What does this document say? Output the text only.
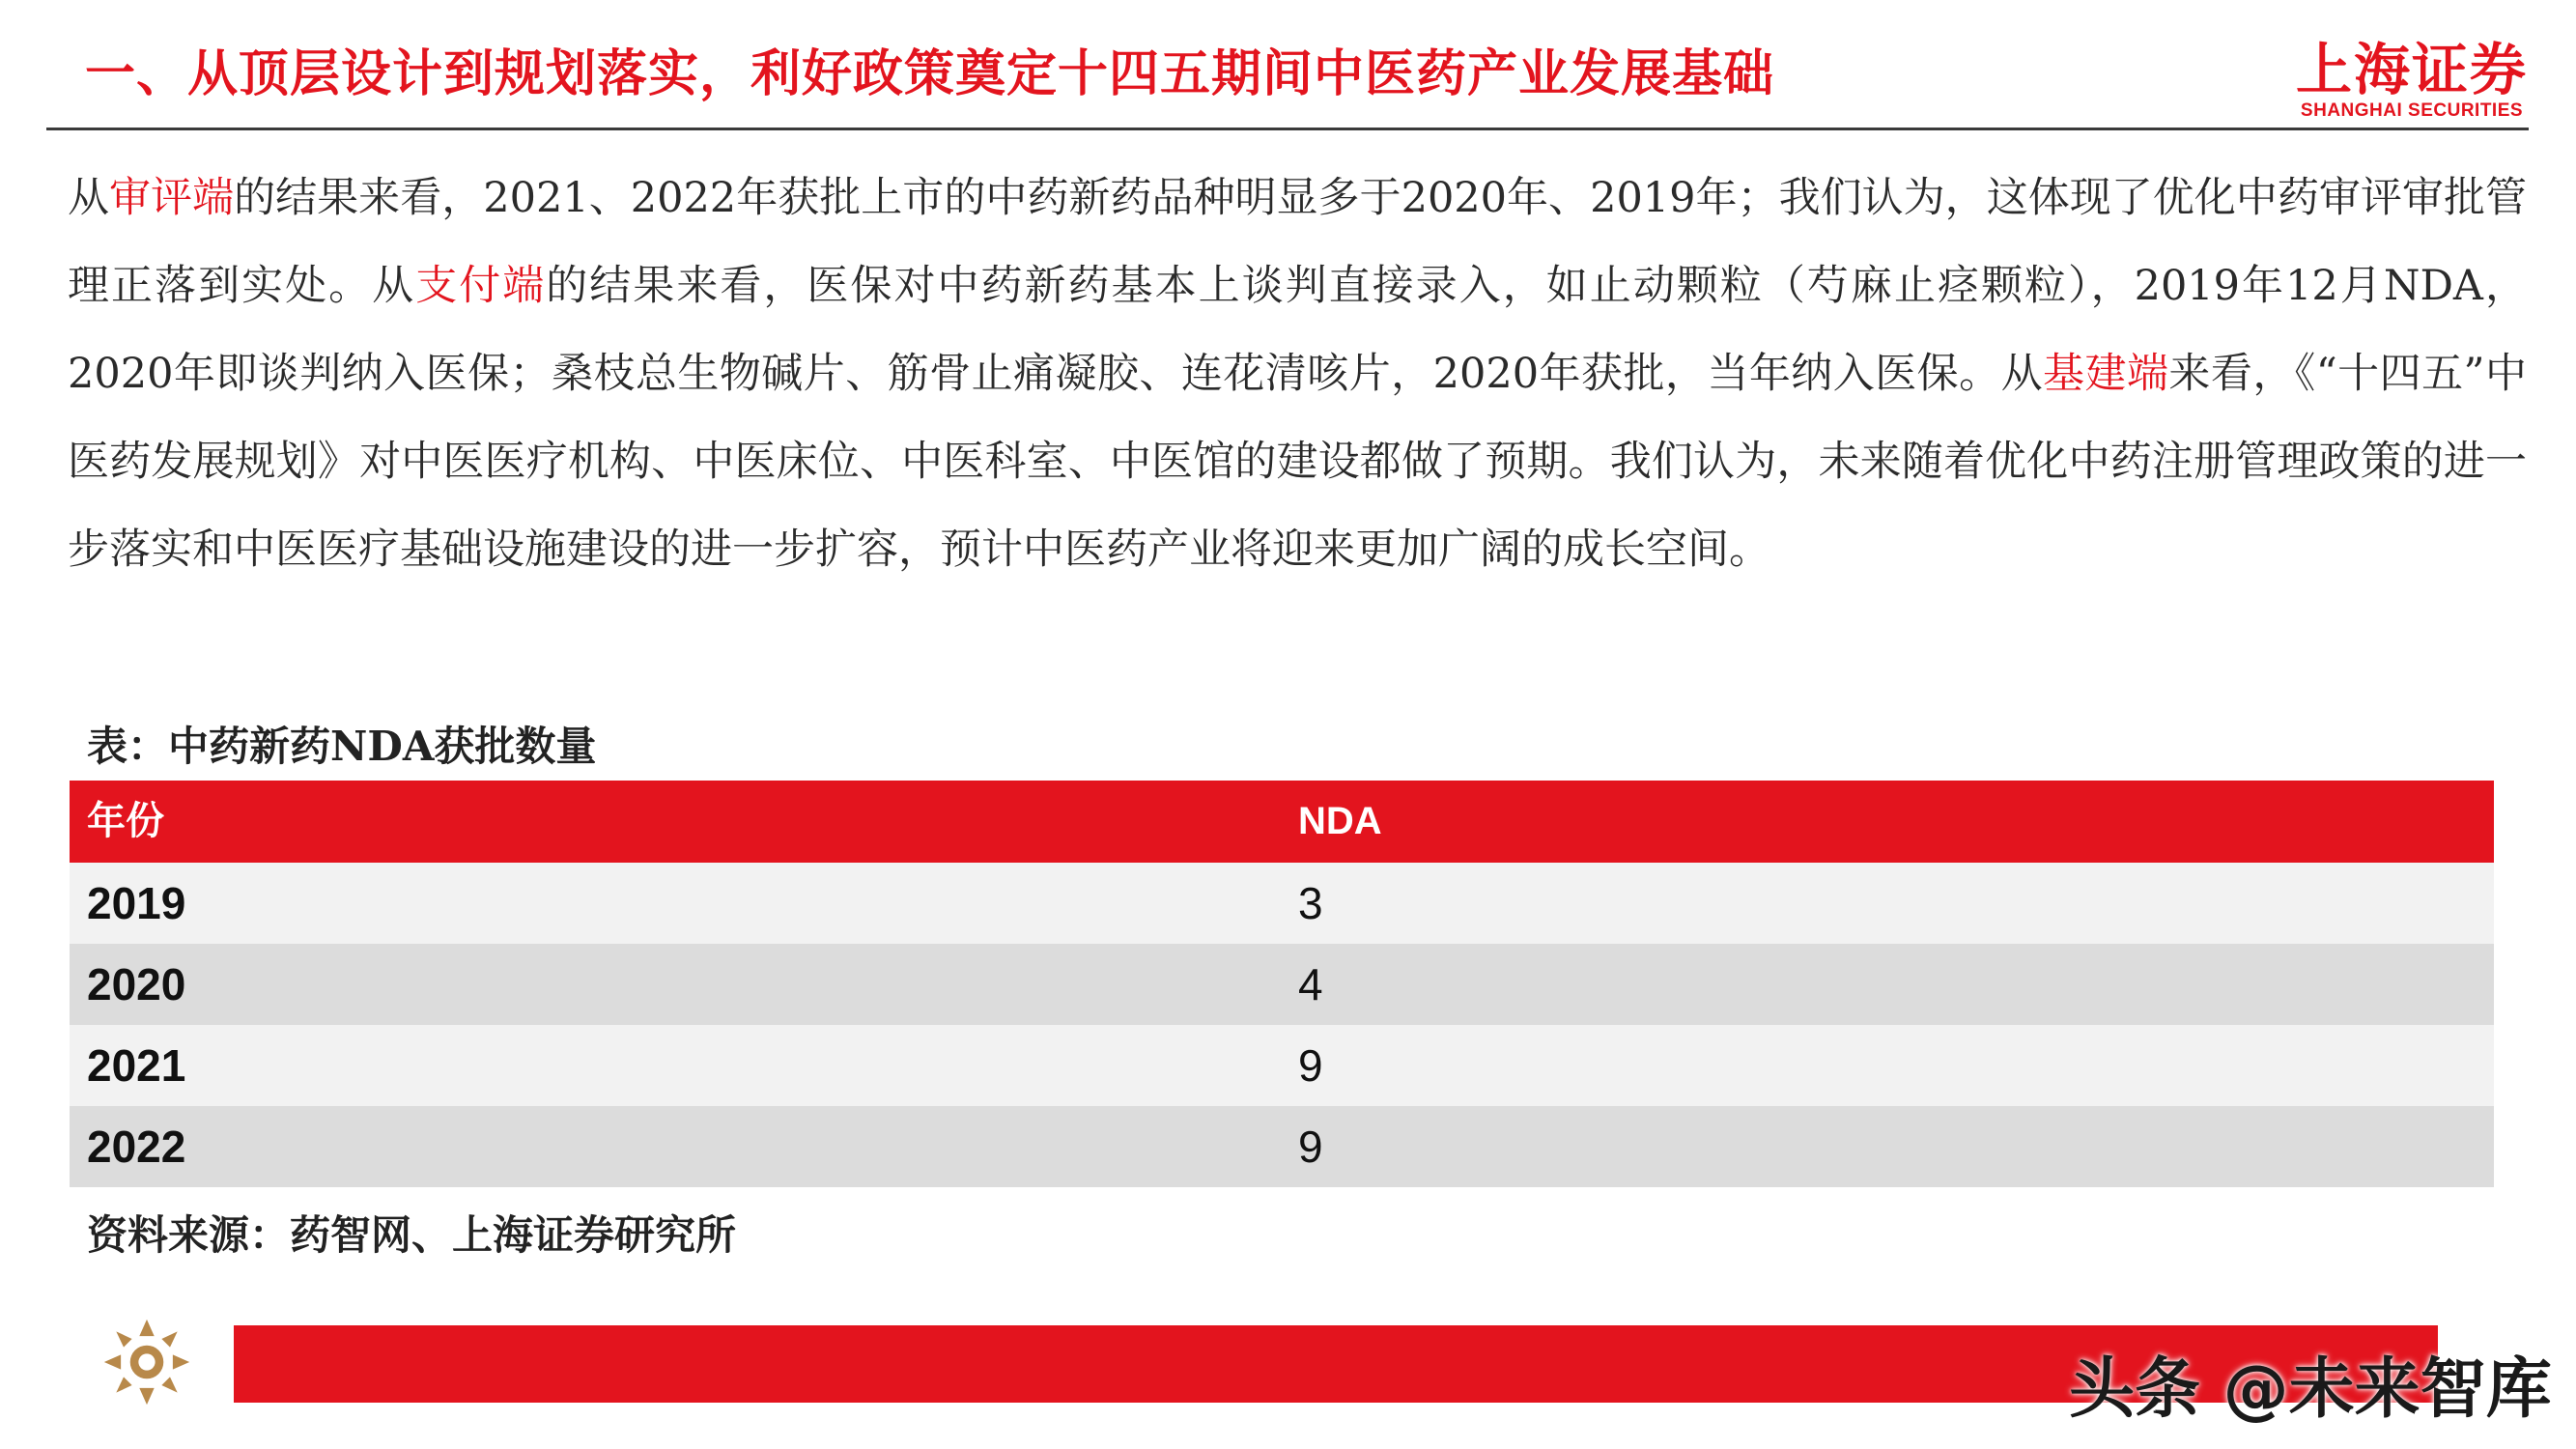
一、从顶层设计到规划落实，利好政策奠定十四五期间中医药产业发展基础	上海证券
SHANGHAI SECURITIES
从审评端的结果来看，2021、2022年获批上市的中药新药品种明显多于2020年、2019年；我们认为，这体现了优化中药审评审批管理正落到实处。从支付端的结果来看，医保对中药新药基本上谈判直接录入，如止动颗粒（芍麻止痉颗粒），2019年12月NDA，2020年即谈判纳入医保；桑枝总生物碱片、筋骨止痛凝胶、连花清咳片，2020年获批，当年纳入医保。从基建端来看，《“十四五”中医药发展规划》对中医医疗机构、中医床位、中医科室、中医馆的建设都做了预期。我们认为，未来随着优化中药注册管理政策的进一步落实和中医医疗基础设施建设的进一步扩容，预计中医药产业将迎来更加广阔的成长空间。
表：中药新药NDA获批数量
年份	NDA
2019	3
2020	4
2021	9
2022	9
资料来源：药智网、上海证券研究所
头条 @未来智库
